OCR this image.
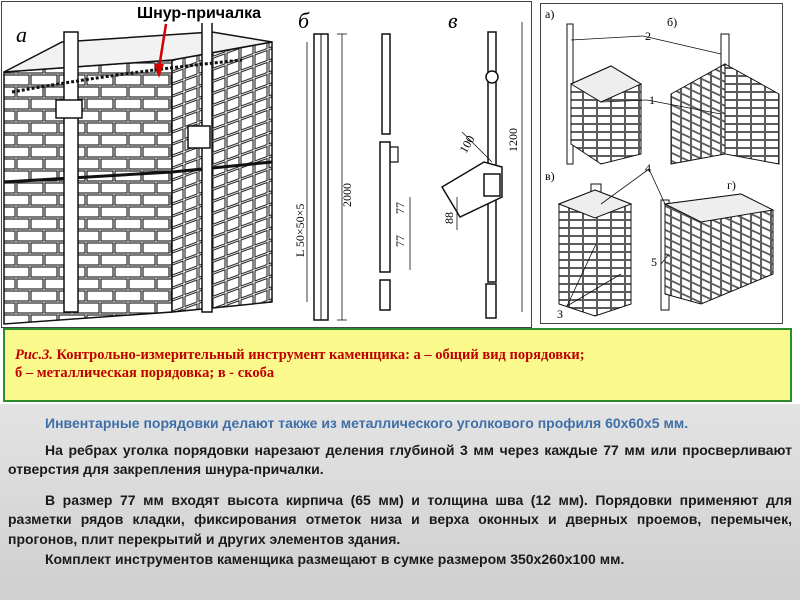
а
б	в
2000
L 50×50×5	77
77
88
100 1200

Шнур-причалка	а)
б)
в)
г)
2
1
4
3
5
Рис.3. Контрольно-измерительный инструмент каменщика: а – общий вид порядовки;
б – металлическая порядовка; в - скоба

Инвентарные порядовки делают также из металлического уголкового профиля 60х60х5 мм.

На ребрах уголка порядовки нарезают деления глубиной 3 мм через каждые 77 мм или просверливают отверстия для закрепления шнура-причалки.

В размер 77 мм входят высота кирпича (65 мм) и толщина шва (12 мм). Порядовки применяют для разметки рядов кладки, фиксирования отметок низа и верха оконных и дверных проемов, перемычек, прогонов, плит перекрытий и других элементов здания.

Комплект инструментов каменщика размещают в сумке размером 350х260х100 мм.
